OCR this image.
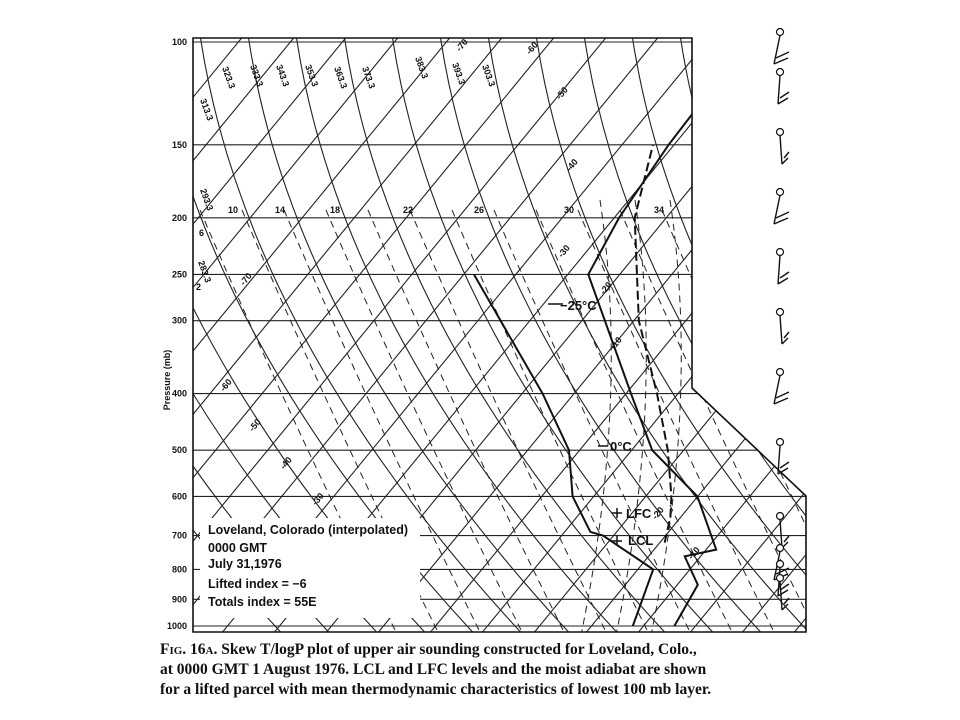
100
150
200
250
300
400
500
600
700
800
900
1000
Pressure (mb)
313.3
323.3 333.3 343.3 353.3 363.3 373.3	383.3 393.3 303.3
293.3
283.3
10	14	18	22	26	30	34
6
2
-70	-60
-50
-40
-30
-20
-10
-60
-50
-40
-30
-20
-10
-70
−25°C
0°C
LFC
LCL
Loveland, Colorado (interpolated)
0000 GMT
July 31,1976
Lifted index = −6
Totals index = 55E

Fig. 16a. Skew T/logP plot of upper air sounding constructed for Loveland, Colo.,

at 0000 GMT 1 August 1976. LCL and LFC levels and the moist adiabat are shown

for a lifted parcel with mean thermodynamic characteristics of lowest 100 mb layer.
